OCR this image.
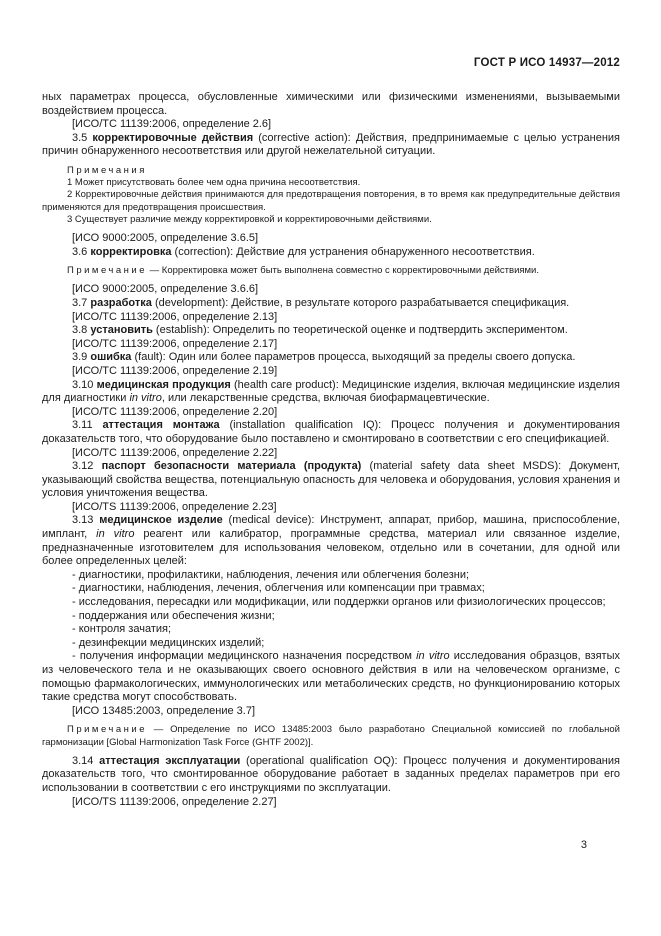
ГОСТ Р ИСО 14937—2012

ных параметрах процесса, обусловленные химическими или физическими изменениями, вызываемыми воздействием процесса.

[ИСО/ТС 11139:2006, определение 2.6]

3.5 корректировочные действия (corrective action): Действия, предпринимаемые с целью устранения причин обнаруженного несоответствия или другой нежелательной ситуации.

Примечания

1 Может присутствовать более чем одна причина несоответствия.

2 Корректировочные действия принимаются для предотвращения повторения, в то время как предупредительные действия применяются для предотвращения происшествия.

3 Существует различие между корректировкой и корректировочными действиями.

[ИСО 9000:2005, определение 3.6.5]

3.6 корректировка (correction): Действие для устранения обнаруженного несоответствия.

Примечание — Корректировка может быть выполнена совместно с корректировочными действиями.

[ИСО 9000:2005, определение 3.6.6]

3.7 разработка (development): Действие, в результате которого разрабатывается спецификация.

[ИСО/ТС 11139:2006, определение 2.13]

3.8 установить (establish): Определить по теоретической оценке и подтвердить экспериментом.

[ИСО/ТС 11139:2006, определение 2.17]

3.9 ошибка (fault): Один или более параметров процесса, выходящий за пределы своего допуска.

[ИСО/ТС 11139:2006, определение 2.19]

3.10 медицинская продукция (health care product): Медицинские изделия, включая медицинские изделия для диагностики in vitro, или лекарственные средства, включая биофармацевтические.

[ИСО/ТС 11139:2006, определение 2.20]

3.11 аттестация монтажа (installation qualification IQ): Процесс получения и документирования доказательств того, что оборудование было поставлено и смонтировано в соответствии с его спецификацией.

[ИСО/ТС 11139:2006, определение 2.22]

3.12 паспорт безопасности материала (продукта) (material safety data sheet MSDS): Документ, указывающий свойства вещества, потенциальную опасность для человека и оборудования, условия хранения и условия уничтожения вещества.

[ИСО/TS 11139:2006, определение 2.23]

3.13 медицинское изделие (medical device): Инструмент, аппарат, прибор, машина, приспособление, имплант, in vitro реагент или калибратор, программные средства, материал или связанное изделие, предназначенные изготовителем для использования человеком, отдельно или в сочетании, для одной или более определенных целей:

- диагностики, профилактики, наблюдения, лечения или облегчения болезни;

- диагностики, наблюдения, лечения, облегчения или компенсации при травмах;

- исследования, пересадки или модификации, или поддержки органов или физиологических процессов;

- поддержания или обеспечения жизни;

- контроля зачатия;

- дезинфекции медицинских изделий;

- получения информации медицинского назначения посредством in vitro исследования образцов, взятых из человеческого тела и не оказывающих своего основного действия в или на человеческом организме, с помощью фармакологических, иммунологических или метаболических средств, но функционированию которых такие средства могут способствовать.

[ИСО 13485:2003, определение 3.7]

Примечание — Определение по ИСО 13485:2003 было разработано Специальной комиссией по глобальной гармонизации [Global Harmonization Task Force (GHTF 2002)].

3.14 аттестация эксплуатации (operational qualification OQ): Процесс получения и документирования доказательств того, что смонтированное оборудование работает в заданных пределах параметров при его использовании в соответствии с его инструкциями по эксплуатации.

[ИСО/TS 11139:2006, определение 2.27]

3
